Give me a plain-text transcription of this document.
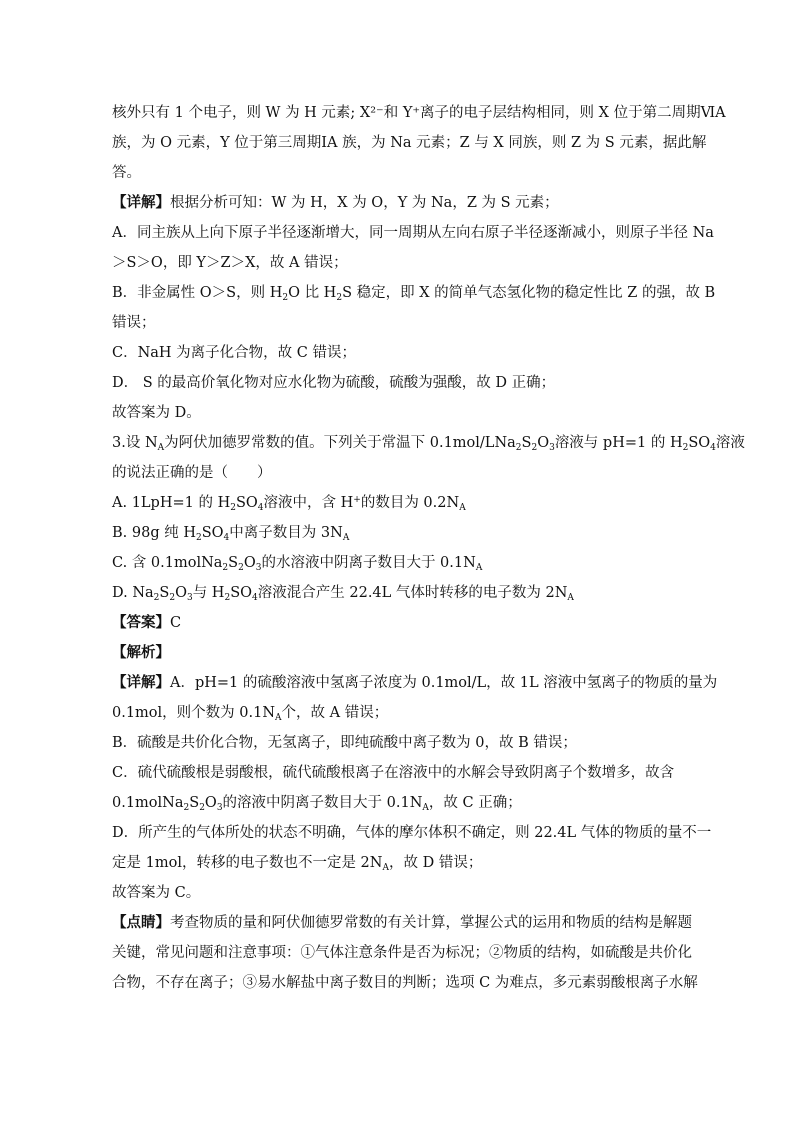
核外只有 1 个电子，则 W 为 H 元素; X²⁻和 Y⁺离子的电子层结构相同，则 X 位于第二周期ⅥA
族，为 O 元素，Y 位于第三周期ⅠA 族，为 Na 元素；Z 与 X 同族，则 Z 为 S 元素，据此解
答。
【详解】根据分析可知：W 为 H，X 为 O，Y 为 Na，Z 为 S 元素；
A．同主族从上向下原子半径逐渐增大，同一周期从左向右原子半径逐渐减小，则原子半径 Na
＞S＞O，即 Y＞Z＞X，故 A 错误；
B．非金属性 O＞S，则 $H_2O$ 比 $H_2S$ 稳定，即 X 的简单气态氢化物的稳定性比 Z 的强，故 B
错误；
C．NaH 为离子化合物，故 C 错误；
D． S 的最高价氧化物对应水化物为硫酸，硫酸为强酸，故 D 正确；
故答案为 D。
3.设 $N_A$为阿伏加德罗常数的值。下列关于常温下 $0.1mol/LNa_2S_2O_3$溶液与 pH=1 的 $H_2SO_4$溶液
的说法正确的是（　　）
A. 1LpH=1 的 $H_2SO_4$溶液中，含 H+的数目为 $0.2N_A$
B. 98g 纯 $H_2SO_4$中离子数目为 $3N_A$
C. 含 $0.1molNa_2S_2O_3$的水溶液中阴离子数目大于 $0.1N_A$
D. $Na_2S_2O_3$与 $H_2SO_4$溶液混合产生 22.4L 气体时转移的电子数为 $2N_A$
【答案】C
【解析】
【详解】A．pH=1 的硫酸溶液中氢离子浓度为 0.1mol/L，故 1L 溶液中氢离子的物质的量为
0.1mol，则个数为 $0.1N_A$个，故 A 错误；
B．硫酸是共价化合物，无氢离子，即纯硫酸中离子数为 0，故 B 错误；
C．硫代硫酸根是弱酸根，硫代硫酸根离子在溶液中的水解会导致阴离子个数增多，故含
$0.1molNa_2S_2O_3$的溶液中阴离子数目大于 $0.1N_A$，故 C 正确；
D．所产生的气体所处的状态不明确，气体的摩尔体积不确定，则 22.4L 气体的物质的量不一
定是 1mol，转移的电子数也不一定是 $2N_A$，故 D 错误；
故答案为 C。
【点睛】考查物质的量和阿伏伽德罗常数的有关计算，掌握公式的运用和物质的结构是解题
关键，常见问题和注意事项：①气体注意条件是否为标况；②物质的结构，如硫酸是共价化
合物，不存在离子；③易水解盐中离子数目的判断；选项 C 为难点，多元素弱酸根离子水解
